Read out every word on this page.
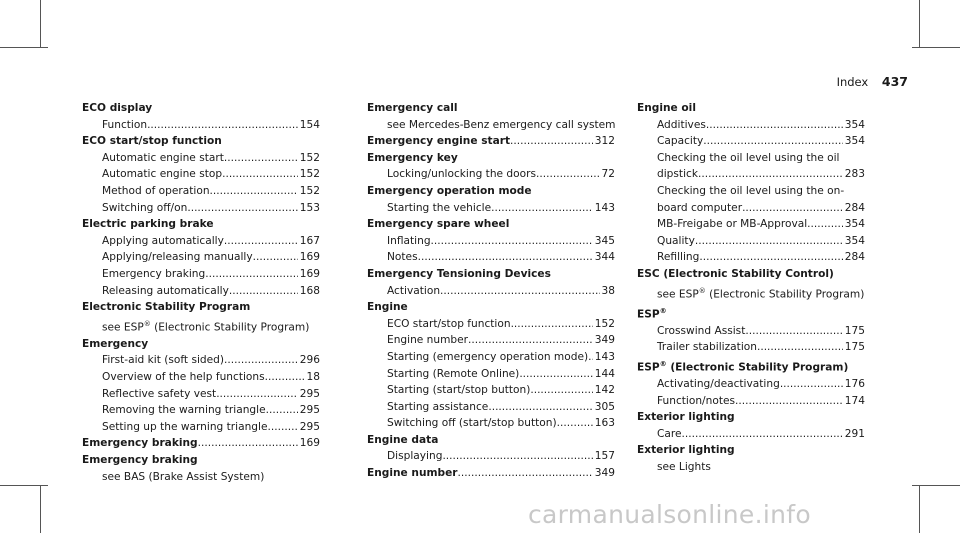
Index 437
ECO display
Function .....	154
ECO start/stop function
Automatic engine start .....	152
Automatic engine stop .....	152
Method of operation .....	152
Switching off/on .....	153
Electric parking brake
Applying automatically .....	167
Applying/releasing manually .....	169
Emergency braking .....	169
Releasing automatically .....	168
Electronic Stability Program
see ESP® (Electronic Stability Program)
Emergency
First-aid kit (soft sided) .....	296
Overview of the help functions .....	18
Reflective safety vest .....	295
Removing the warning triangle .....	295
Setting up the warning triangle .....	295
Emergency braking .....	169
Emergency braking
see BAS (Brake Assist System)
Emergency call
see Mercedes-Benz emergency call system
Emergency engine start .....	312
Emergency key
Locking/unlocking the doors .....	72
Emergency operation mode
Starting the vehicle .....	143
Emergency spare wheel
Inflating .....	345
Notes .....	344
Emergency Tensioning Devices
Activation .....	38
Engine
ECO start/stop function .....	152
Engine number .....	349
Starting (emergency operation mode) ..... 143
Starting (Remote Online) .....	144
Starting (start/stop button) .....	142
Starting assistance .....	305
Switching off (start/stop button) .....	163
Engine data
Displaying .....	157
Engine number .....	349
Engine oil
Additives .....	354
Capacity .....	354
Checking the oil level using the oil
dipstick .....	283
Checking the oil level using the on-
board computer .....	284
MB-Freigabe or MB-Approval .....	354
Quality .....	354
Refilling .....	284
ESC (Electronic Stability Control)
see ESP® (Electronic Stability Program)
ESP®
Crosswind Assist .....	175
Trailer stabilization .....	175
ESP® (Electronic Stability Program)
Activating/deactivating .....	176
Function/notes .....	174
Exterior lighting
Care .....	291
Exterior lighting
see Lights
carmanualsonline.info
